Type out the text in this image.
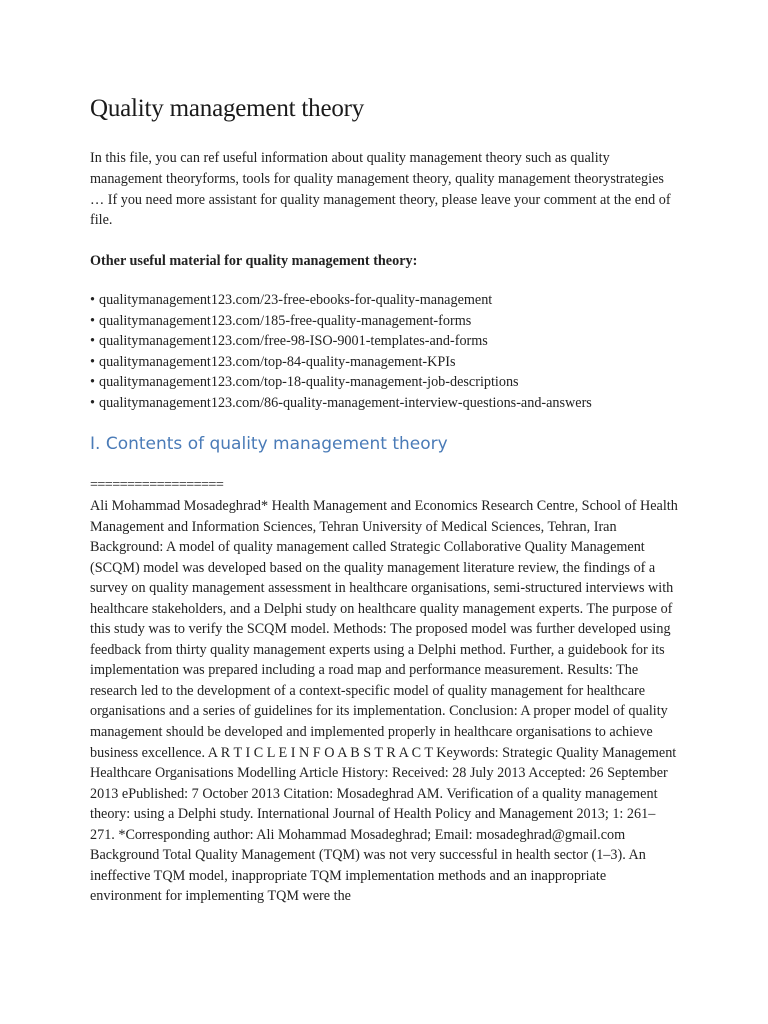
Quality management theory

In this file, you can ref useful information about quality management theory such as quality management theoryforms, tools for quality management theory, quality management theorystrategies … If you need more assistant for quality management theory, please leave your comment at the end of file.

Other useful material for quality management theory:

• qualitymanagement123.com/23-free-ebooks-for-quality-management
• qualitymanagement123.com/185-free-quality-management-forms
• qualitymanagement123.com/free-98-ISO-9001-templates-and-forms
• qualitymanagement123.com/top-84-quality-management-KPIs
• qualitymanagement123.com/top-18-quality-management-job-descriptions
• qualitymanagement123.com/86-quality-management-interview-questions-and-answers
I. Contents of quality management theory

==================

Ali Mohammad Mosadeghrad* Health Management and Economics Research Centre, School of Health Management and Information Sciences, Tehran University of Medical Sciences, Tehran, Iran Background: A model of quality management called Strategic Collaborative Quality Management (SCQM) model was developed based on the quality management literature review, the findings of a survey on quality management assessment in healthcare organisations, semi-structured interviews with healthcare stakeholders, and a Delphi study on healthcare quality management experts. The purpose of this study was to verify the SCQM model. Methods: The proposed model was further developed using feedback from thirty quality management experts using a Delphi method. Further, a guidebook for its implementation was prepared including a road map and performance measurement. Results: The research led to the development of a context-specific model of quality management for healthcare organisations and a series of guidelines for its implementation. Conclusion: A proper model of quality management should be developed and implemented properly in healthcare organisations to achieve business excellence. A R T I C L E I N F O A B S T R A C T Keywords: Strategic Quality Management Healthcare Organisations Modelling Article History: Received: 28 July 2013 Accepted: 26 September 2013 ePublished: 7 October 2013 Citation: Mosadeghrad AM. Verification of a quality management theory: using a Delphi study. International Journal of Health Policy and Management 2013; 1: 261– 271. *Corresponding author: Ali Mohammad Mosadeghrad; Email: mosadeghrad@gmail.com Background Total Quality Management (TQM) was not very successful in health sector (1–3). An ineffective TQM model, inappropriate TQM implementation methods and an inappropriate environment for implementing TQM were the
